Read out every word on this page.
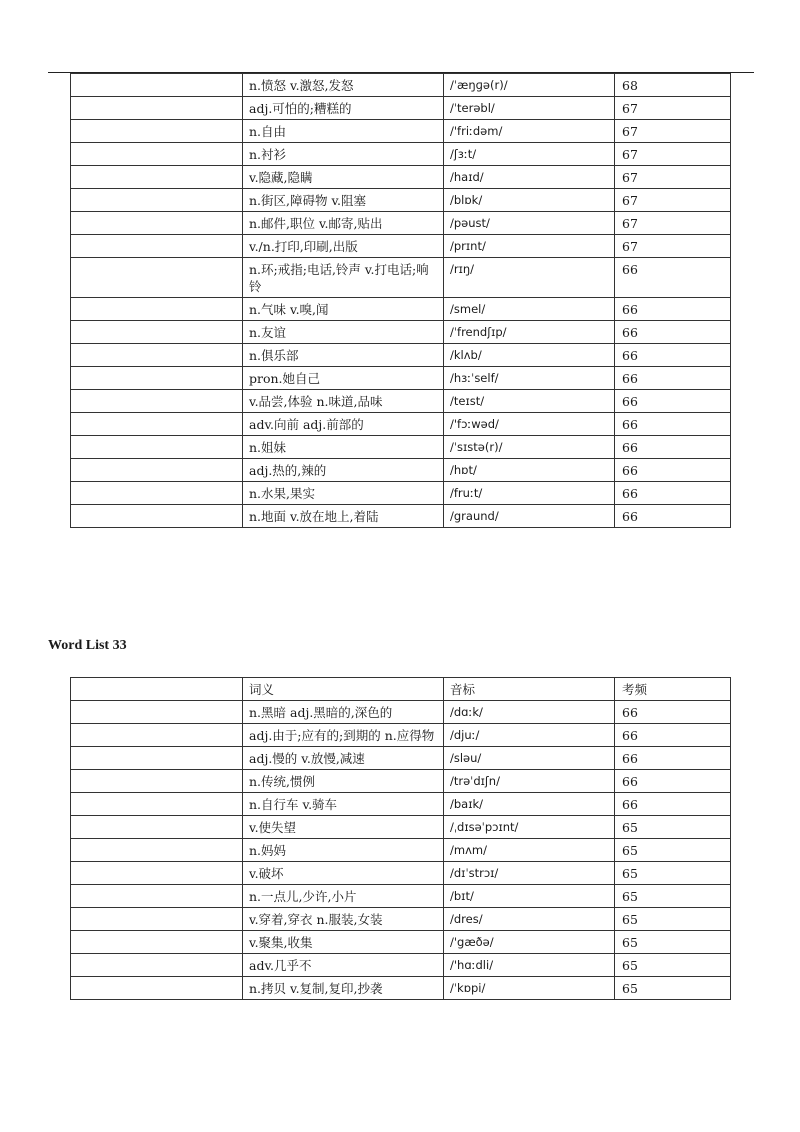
	n.愤怒 v.激怒,发怒	/ˈæŋɡə(r)/	68
	adj.可怕的;糟糕的	/ˈterəbl/	67
	n.自由	/'friːdəm/	67
	n.衬衫	/ʃɜːt/	67
	v.隐藏,隐瞒	/haɪd/	67
	n.街区,障碍物 v.阻塞	/blɒk/	67
	n.邮件,职位 v.邮寄,贴出	/pəust/	67
	v./n.打印,印刷,出版	/prɪnt/	67
	n.环;戒指;电话,铃声 v.打电话;响铃	/rɪŋ/	66
	n.气味 v.嗅,闻	/smel/	66
	n.友谊	/ˈfrendʃɪp/	66
	n.俱乐部	/klʌb/	66
	pron.她自己	/hɜːˈself/	66
	v.品尝,体验 n.味道,品味	/teɪst/	66
	adv.向前 adj.前部的	/'fɔːwəd/	66
	n.姐妹	/ˈsɪstə(r)/	66
	adj.热的,辣的	/hɒt/	66
	n.水果,果实	/fruːt/	66
	n.地面 v.放在地上,着陆	/graund/	66
Word List 33
	词义	音标	考频
	n.黑暗 adj.黑暗的,深色的	/dɑːk/	66
	adj.由于;应有的;到期的 n.应得物	/djuː/	66
	adj.慢的 v.放慢,减速	/sləu/	66
	n.传统,惯例	/trəˈdɪʃn/	66
	n.自行车 v.骑车	/baɪk/	66
	v.使失望	/ˌdɪsəˈpɔɪnt/	65
	n.妈妈	/mʌm/	65
	v.破坏	/dɪˈstrɔɪ/	65
	n.一点儿,少许,小片	/bɪt/	65
	v.穿着,穿衣 n.服装,女装	/dres/	65
	v.聚集,收集	/'gæðə/	65
	adv.几乎不	/'hɑːdli/	65
	n.拷贝 v.复制,复印,抄袭	/ˈkɒpi/	65
